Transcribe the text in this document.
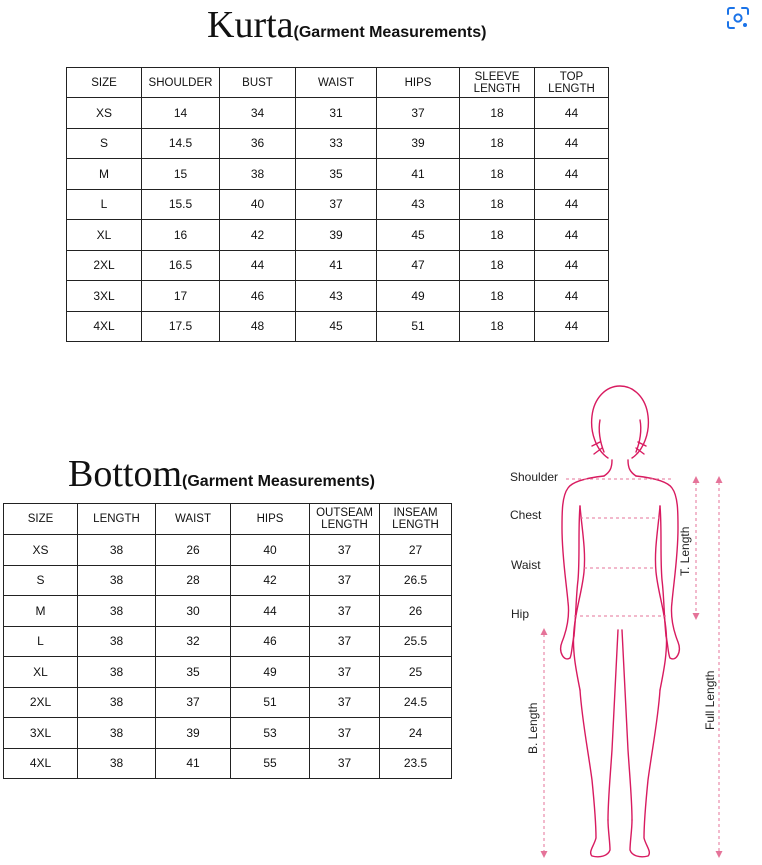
Kurta(Garment Measurements)
Bottom(Garment Measurements)
SIZE	SHOULDER	BUST	WAIST	HIPS	SLEEVE LENGTH	TOP LENGTH
XS	14	34	31	37	18	44
S	14.5	36	33	39	18	44
M	15	38	35	41	18	44
L	15.5	40	37	43	18	44
XL	16	42	39	45	18	44
2XL	16.5	44	41	47	18	44
3XL	17	46	43	49	18	44
4XL	17.5	48	45	51	18	44
SIZE	LENGTH	WAIST	HIPS	OUTSEAM LENGTH	INSEAM LENGTH
XS	38	26	40	37	27
S	38	28	42	37	26.5
M	38	30	44	37	26
L	38	32	46	37	25.5
XL	38	35	49	37	25
2XL	38	37	51	37	24.5
3XL	38	39	53	37	24
4XL	38	41	55	37	23.5
Shoulder
Chest
Waist
Hip
T. Length
B. Length	Full Length
